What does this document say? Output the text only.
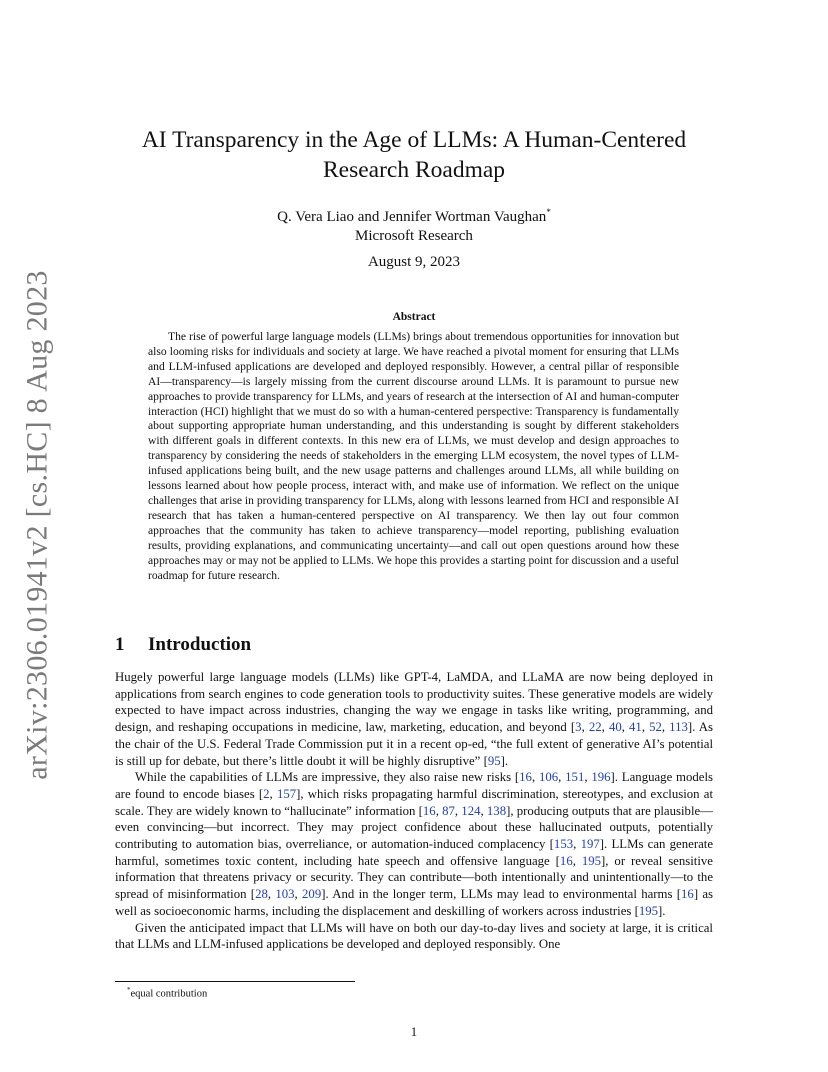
arXiv:2306.01941v2 [cs.HC] 8 Aug 2023
AI Transparency in the Age of LLMs: A Human-Centered Research Roadmap
Q. Vera Liao and Jennifer Wortman Vaughan*
Microsoft Research
August 9, 2023
Abstract

The rise of powerful large language models (LLMs) brings about tremendous opportunities for innovation but also looming risks for individuals and society at large. We have reached a pivotal moment for ensuring that LLMs and LLM-infused applications are developed and deployed responsibly. However, a central pillar of responsible AI—transparency—is largely missing from the current discourse around LLMs. It is paramount to pursue new approaches to provide transparency for LLMs, and years of research at the intersection of AI and human-computer interaction (HCI) highlight that we must do so with a human-centered perspective: Transparency is fundamentally about supporting appropriate human understanding, and this understanding is sought by different stakeholders with different goals in different contexts. In this new era of LLMs, we must develop and design approaches to transparency by considering the needs of stakeholders in the emerging LLM ecosystem, the novel types of LLM-infused applications being built, and the new usage patterns and challenges around LLMs, all while building on lessons learned about how people process, interact with, and make use of information. We reflect on the unique challenges that arise in providing transparency for LLMs, along with lessons learned from HCI and responsible AI research that has taken a human-centered perspective on AI transparency. We then lay out four common approaches that the community has taken to achieve transparency—model reporting, publishing evaluation results, providing explanations, and communicating uncertainty—and call out open questions around how these approaches may or may not be applied to LLMs. We hope this provides a starting point for discussion and a useful roadmap for future research.

1 Introduction

Hugely powerful large language models (LLMs) like GPT-4, LaMDA, and LLaMA are now being deployed in applications from search engines to code generation tools to productivity suites. These generative models are widely expected to have impact across industries, changing the way we engage in tasks like writing, programming, and design, and reshaping occupations in medicine, law, marketing, education, and beyond [3, 22, 40, 41, 52, 113]. As the chair of the U.S. Federal Trade Commission put it in a recent op-ed, “the full extent of generative AI’s potential is still up for debate, but there’s little doubt it will be highly disruptive” [95].

While the capabilities of LLMs are impressive, they also raise new risks [16, 106, 151, 196]. Language models are found to encode biases [2, 157], which risks propagating harmful discrimination, stereotypes, and exclusion at scale. They are widely known to “hallucinate” information [16, 87, 124, 138], producing outputs that are plausible—even convincing—but incorrect. They may project confidence about these hallucinated outputs, potentially contributing to automation bias, overreliance, or automation-induced complacency [153, 197]. LLMs can generate harmful, sometimes toxic content, including hate speech and offensive language [16, 195], or reveal sensitive information that threatens privacy or security. They can contribute—both intentionally and unintentionally—to the spread of misinformation [28, 103, 209]. And in the longer term, LLMs may lead to environmental harms [16] as well as socioeconomic harms, including the displacement and deskilling of workers across industries [195].

Given the anticipated impact that LLMs will have on both our day-to-day lives and society at large, it is critical that LLMs and LLM-infused applications be developed and deployed responsibly. One

*equal contribution
1
